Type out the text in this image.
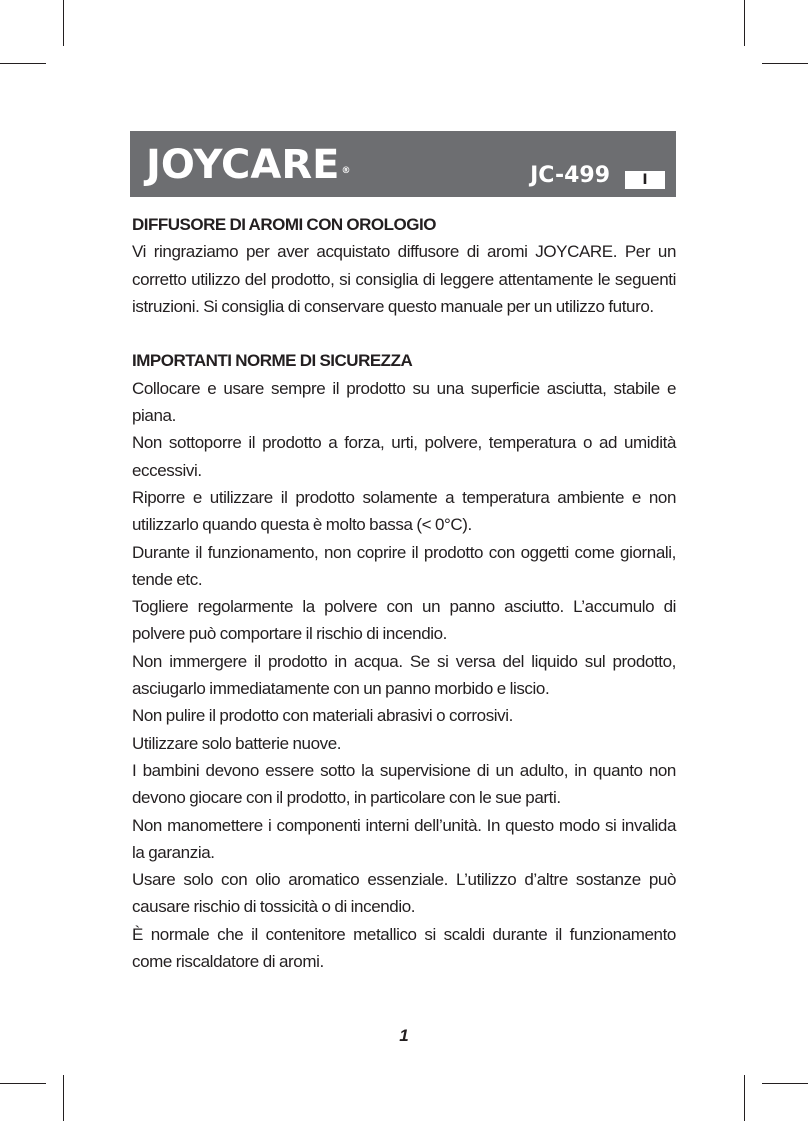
JOYCARE ®	JC-499	I
DIFFUSORE DI AROMI CON OROLOGIO

Vi ringraziamo per aver acquistato diffusore di aromi JOYCARE. Per un corretto utilizzo del prodotto, si consiglia di leggere attentamente le seguenti istruzioni. Si consiglia di conservare questo manuale per un utilizzo futuro.

IMPORTANTI NORME DI SICUREZZA

Collocare e usare sempre il prodotto su una superficie asciutta, stabile e piana.

Non sottoporre il prodotto a forza, urti, polvere, temperatura o ad umidità eccessivi.

Riporre e utilizzare il prodotto solamente a temperatura ambiente e non utilizzarlo quando questa è molto bassa (< 0°C).

Durante il funzionamento, non coprire il prodotto con oggetti come giornali, tende etc.

Togliere regolarmente la polvere con un panno asciutto. L’accumulo di polvere può comportare il rischio di incendio.

Non immergere il prodotto in acqua. Se si versa del liquido sul prodotto, asciugarlo immediatamente con un panno morbido e liscio.

Non pulire il prodotto con materiali abrasivi o corrosivi.

Utilizzare solo batterie nuove.

I bambini devono essere sotto la supervisione di un adulto, in quanto non devono giocare con il prodotto, in particolare con le sue parti.

Non manomettere i componenti interni dell’unità. In questo modo si invalida la garanzia.

Usare solo con olio aromatico essenziale. L’utilizzo d’altre sostanze può causare rischio di tossicità o di incendio.

È normale che il contenitore metallico si scaldi durante il funzionamento come riscaldatore di aromi.

1
